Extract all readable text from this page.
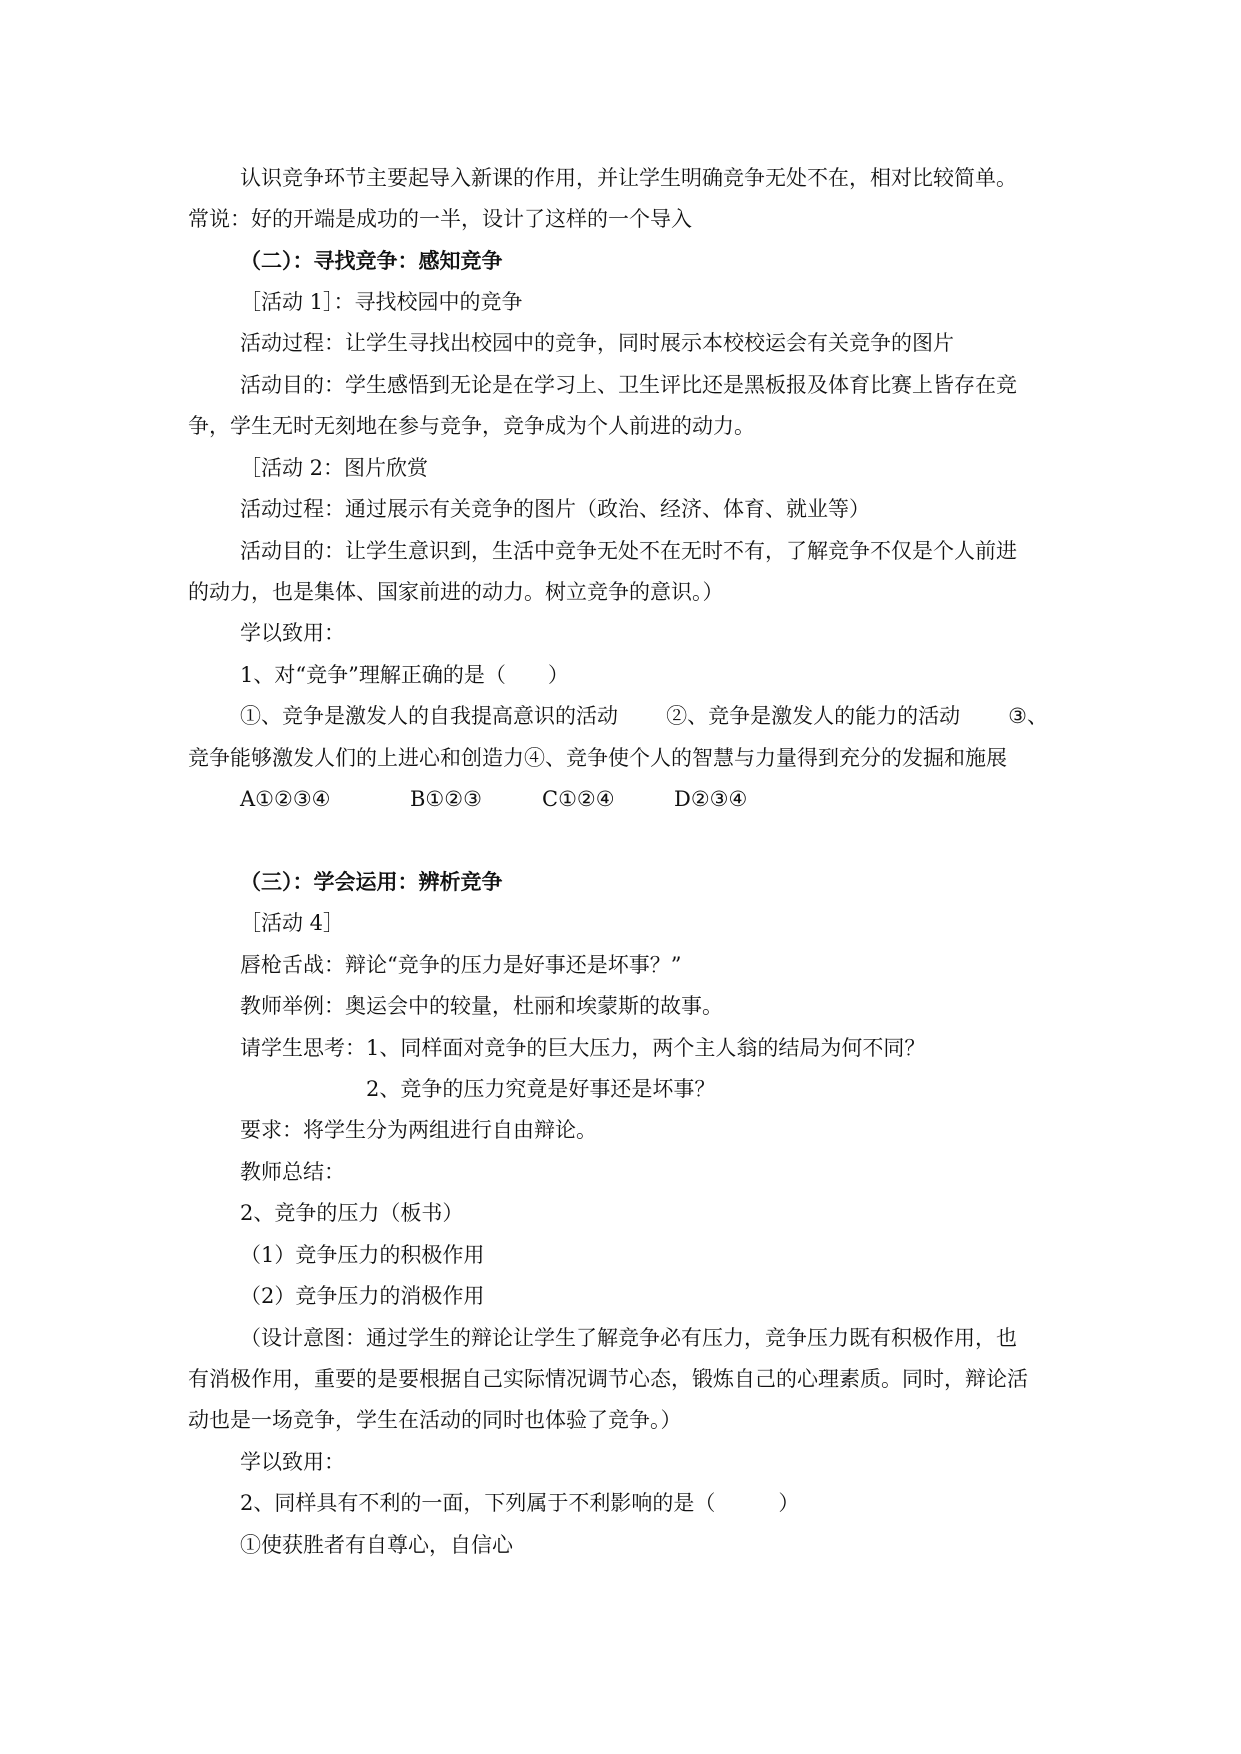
认识竞争环节主要起导入新课的作用，并让学生明确竞争无处不在，相对比较简单。
常说：好的开端是成功的一半，设计了这样的一个导入
（二）：寻找竞争：感知竞争
［活动 1］：寻找校园中的竞争
活动过程：让学生寻找出校园中的竞争，同时展示本校校运会有关竞争的图片
活动目的：学生感悟到无论是在学习上、卫生评比还是黑板报及体育比赛上皆存在竞
争，学生无时无刻地在参与竞争，竞争成为个人前进的动力。
［活动 2：图片欣赏
活动过程：通过展示有关竞争的图片（政治、经济、体育、就业等）
活动目的：让学生意识到，生活中竞争无处不在无时不有，了解竞争不仅是个人前进
的动力，也是集体、国家前进的动力。树立竞争的意识。）
学以致用：
1、对“竞争”理解正确的是（　　）
①、竞争是激发人的自我提高意识的活动 ②、竞争是激发人的能力的活动 ③、
竞争能够激发人们的上进心和创造力④、竞争使个人的智慧与力量得到充分的发掘和施展
A①②③④	B①②③	C①②④	D②③④
（三）：学会运用：辨析竞争
［活动 4］
唇枪舌战：辩论“竞争的压力是好事还是坏事？”
教师举例：奥运会中的较量，杜丽和埃蒙斯的故事。
请学生思考：1、同样面对竞争的巨大压力，两个主人翁的结局为何不同？
2、竞争的压力究竟是好事还是坏事？
要求：将学生分为两组进行自由辩论。
教师总结：
2、竞争的压力（板书）
（1）竞争压力的积极作用
（2）竞争压力的消极作用
（设计意图：通过学生的辩论让学生了解竞争必有压力，竞争压力既有积极作用，也
有消极作用，重要的是要根据自己实际情况调节心态，锻炼自己的心理素质。同时，辩论活
动也是一场竞争，学生在活动的同时也体验了竞争。）
学以致用：
2、同样具有不利的一面，下列属于不利影响的是（　　　）
①使获胜者有自尊心，自信心
